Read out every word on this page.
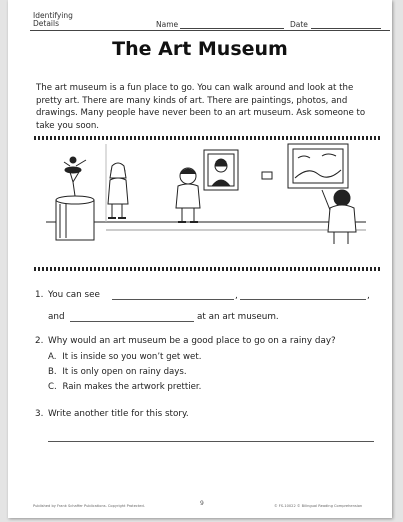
Identifying
Details	Name	Date
The Art Museum
The art museum is a fun place to go. You can walk around and look at the pretty art. There are many kinds of art. There are paintings, photos, and drawings. Many people have never been to an art museum. Ask someone to take you soon.
1. You can see	,	,
and	at an art museum.
2. Why would an art museum be a good place to go on a rainy day?
A. It is inside so you won’t get wet.
B. It is only open on rainy days.
C. Rain makes the artwork prettier.
3. Write another title for this story.
Published by Frank Schaffer Publications. Copyright Protected.	9	© FS-10022 © Bilingual Reading Comprehension
